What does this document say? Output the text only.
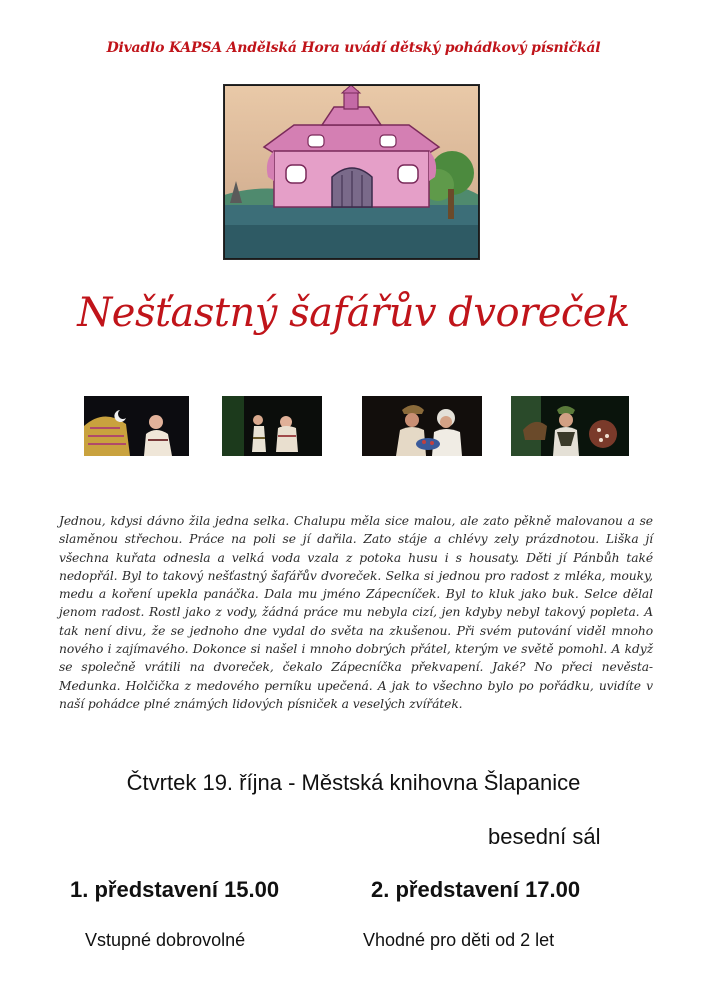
Divadlo KAPSA Andělská Hora uvádí dětský pohádkový písničkál
Nešťastný šafářův dvoreček
Jednou, kdysi dávno žila jedna selka. Chalupu měla sice malou, ale zato pěkně malovanou a se slaměnou střechou. Práce na poli se jí dařila. Zato stáje a chlévy zely prázdnotou. Liška jí všechna kuřata odnesla a velká voda vzala z potoka husu i s housaty. Děti jí Pánbůh také nedopřál. Byl to takový nešťastný šafářův dvoreček. Selka si jednou pro radost z mléka, mouky, medu a koření upekla panáčka. Dala mu jméno Zápecníček. Byl to kluk jako buk. Selce dělal jenom radost. Rostl jako z vody, žádná práce mu nebyla cizí, jen kdyby nebyl takový popleta. A tak není divu, že se jednoho dne vydal do světa na zkušenou. Při svém putování viděl mnoho nového i zajímavého. Dokonce si našel i mnoho dobrých přátel, kterým ve světě pomohl. A když se společně vrátili na dvoreček, čekalo Zápecníčka překvapení. Jaké? No přeci nevěsta-Medunka. Holčička z medového perníku upečená. A jak to všechno bylo po pořádku, uvidíte v naší pohádce plné známých lidových písniček a veselých zvířátek.
Čtvrtek 19. října - Městská knihovna Šlapanice
besední sál
1. představení 15.00	2. představení 17.00
Vstupné dobrovolné	Vhodné pro děti od 2 let
